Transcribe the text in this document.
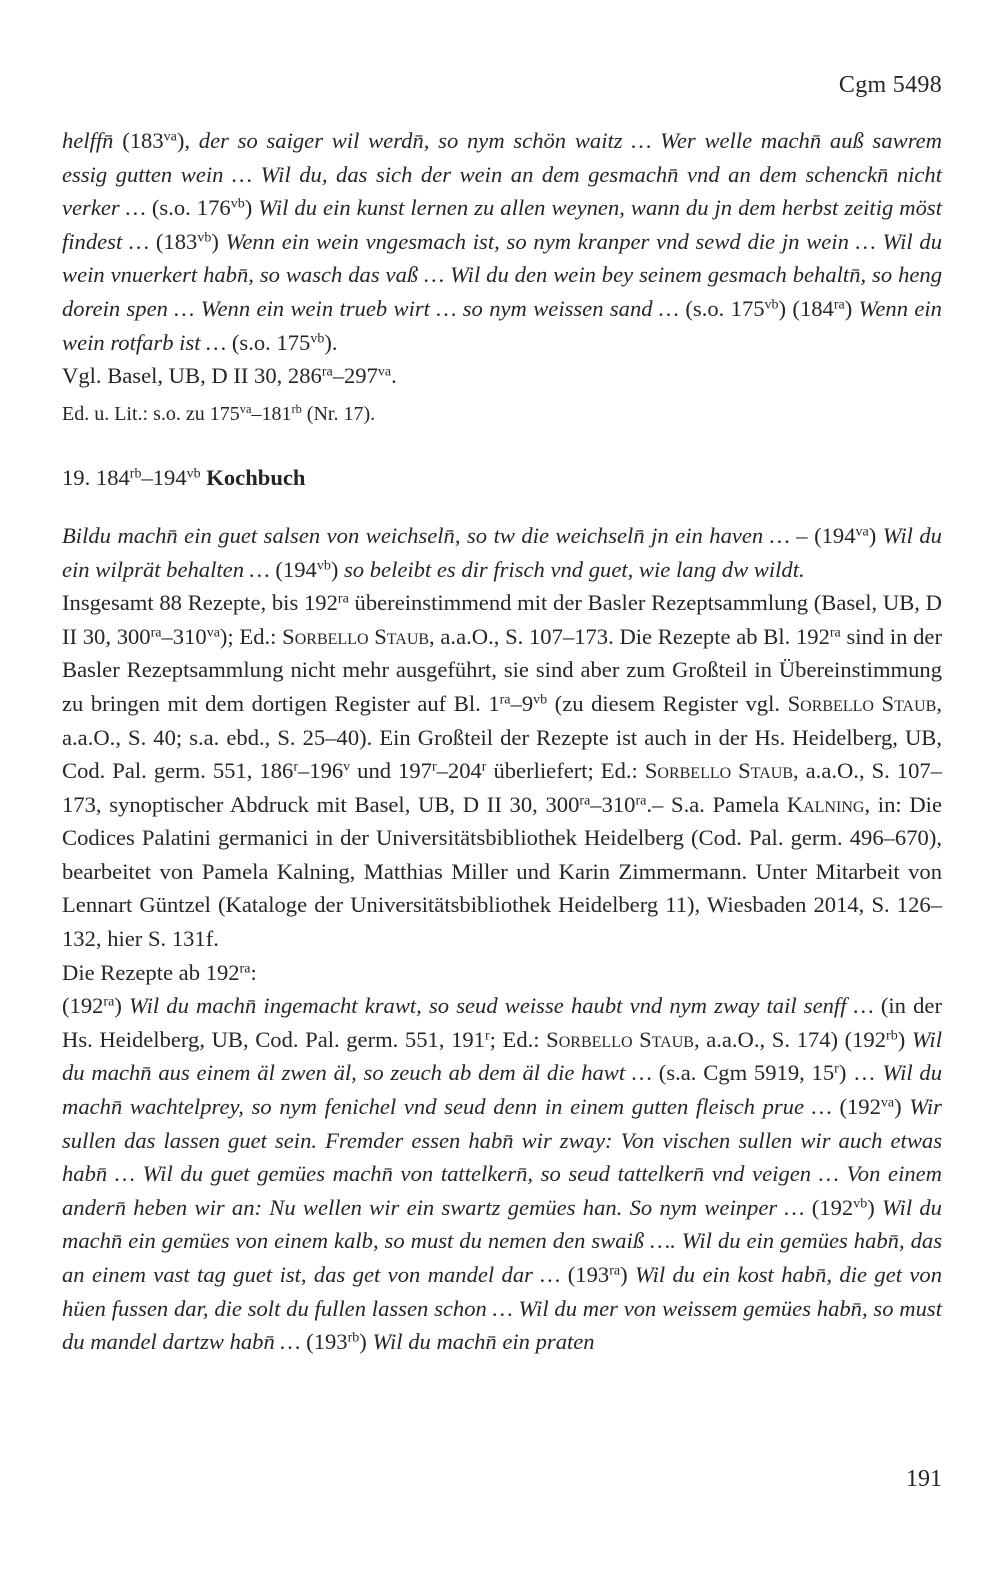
Cgm 5498

helffn̄ $(183^{va})$, der so saiger wil werdn̄, so nym schön waitz … Wer welle machn̄ auß sawrem essig gutten wein … Wil du, das sich der wein an dem gesmachn̄ vnd an dem schenckn̄ nicht verker … (s.o. $176^{vb}$) Wil du ein kunst lernen zu allen weynen, wann du jn dem herbst zeitig möst findest … $(183^{vb})$ Wenn ein wein vngesmach ist, so nym kranper vnd sewd die jn wein … Wil du wein vnuerkert habn̄, so wasch das vaß … Wil du den wein bey seinem gesmach behaltn̄, so heng dorein spen … Wenn ein wein trueb wirt … so nym weissen sand … (s.o. $175^{vb}$) $(184^{ra})$ Wenn ein wein rotfarb ist … (s.o. $175^{vb}$).

Vgl. Basel, UB, D II 30, $286^{ra}-297^{va}$.

Ed. u. Lit.: s.o. zu $175^{va}-181^{rb}$ (Nr. 17).

19. $184^{rb}-194^{vb}$ Kochbuch

Bildu machn̄ ein guet salsen von weichseln̄, so tw die weichseln̄ jn ein haven … – $(194^{va})$ Wil du ein wilprät behalten … $(194^{vb})$ so beleibt es dir frisch vnd guet, wie lang dw wildt.

Insgesamt 88 Rezepte, bis $192^{ra}$ übereinstimmend mit der Basler Rezeptsammlung (Basel, UB, D II 30, $300^{ra}-310^{va}$); Ed.: Sorbello Staub, a.a.O., S. 107–173. Die Rezepte ab Bl. $192^{ra}$ sind in der Basler Rezeptsammlung nicht mehr ausgeführt, sie sind aber zum Großteil in Übereinstimmung zu bringen mit dem dortigen Register auf Bl. $1^{ra}-9^{vb}$ (zu diesem Register vgl. Sorbello Staub, a.a.O., S. 40; s.a. ebd., S. 25–40). Ein Großteil der Rezepte ist auch in der Hs. Heidelberg, UB, Cod. Pal. germ. 551, 186$^r$–196$^v$ und 197$^r$–204$^r$ überliefert; Ed.: Sorbello Staub, a.a.O., S. 107–173, synoptischer Abdruck mit Basel, UB, D II 30, $300^{ra}-310^{ra}.-$ S.a. Pamela Kalning, in: Die Codices Palatini germanici in der Universitätsbibliothek Heidelberg (Cod. Pal. germ. 496–670), bearbeitet von Pamela Kalning, Matthias Miller und Karin Zimmermann. Unter Mitarbeit von Lennart Güntzel (Kataloge der Universitätsbibliothek Heidelberg 11), Wiesbaden 2014, S. 126–132, hier S. 131f.

Die Rezepte ab $192^{ra}$:

$(192^{ra})$ Wil du machn̄ ingemacht krawt, so seud weisse haubt vnd nym zway tail senff … (in der Hs. Heidelberg, UB, Cod. Pal. germ. 551, 191$^r$; Ed.: Sorbello Staub, a.a.O., S. 174) $(192^{rb})$ Wil du machn̄ aus einem äl zwen äl, so zeuch ab dem äl die hawt … (s.a. Cgm 5919, 15$^r$) … Wil du machn̄ wachtelprey, so nym fenichel vnd seud denn in einem gutten fleisch prue … $(192^{va})$ Wir sullen das lassen guet sein. Fremder essen habn̄ wir zway: Von vischen sullen wir auch etwas habn̄ … Wil du guet gemües machn̄ von tattelkern̄, so seud tattelkern̄ vnd veigen … Von einem andern̄ heben wir an: Nu wellen wir ein swartz gemües han. So nym weinper … $(192^{vb})$ Wil du machn̄ ein gemües von einem kalb, so must du nemen den swaiß …. Wil du ein gemües habn̄, das an einem vast tag guet ist, das get von mandel dar … $(193^{ra})$ Wil du ein kost habn̄, die get von hüen fussen dar, die solt du fullen lassen schon … Wil du mer von weissem gemües habn̄, so must du mandel dartzw habn̄ … $(193^{rb})$ Wil du machn̄ ein praten

191
